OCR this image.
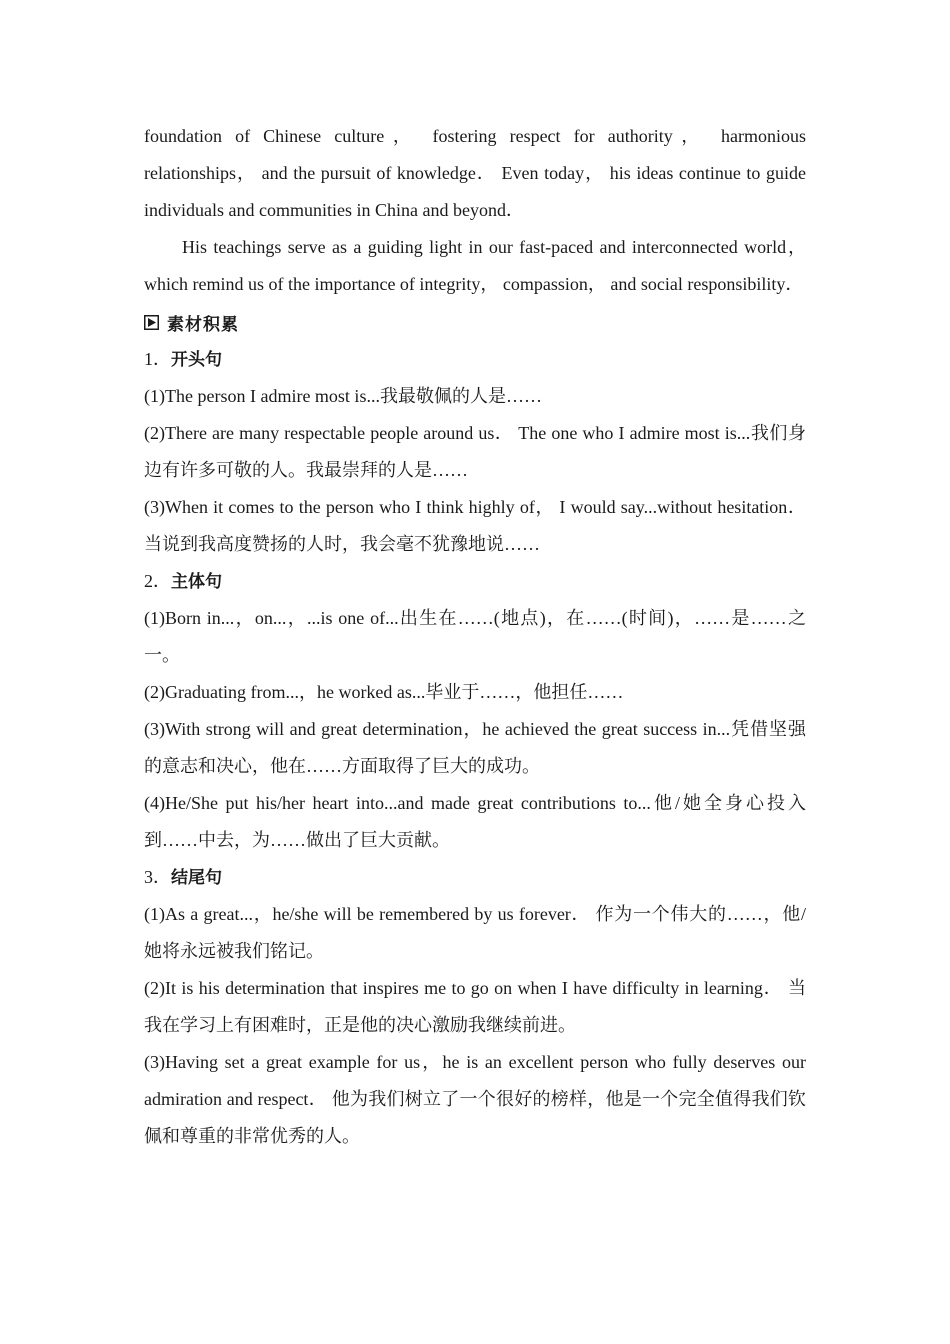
foundation of Chinese culture， fostering respect for authority， harmonious relationships， and the pursuit of knowledge． Even today， his ideas continue to guide individuals and communities in China and beyond．

His teachings serve as a guiding light in our fast-paced and interconnected world， which remind us of the importance of integrity， compassion， and social responsibility．

素材积累
1．开头句

(1)The person I admire most is...我最敬佩的人是……

(2)There are many respectable people around us． The one who I admire most is...我们身边有许多可敬的人。我最崇拜的人是……

(3)When it comes to the person who I think highly of， I would say...without hesitation． 当说到我高度赞扬的人时，我会毫不犹豫地说……

2．主体句

(1)Born in...，on...，...is one of...出生在……(地点)，在……(时间)，……是……之一。

(2)Graduating from...，he worked as...毕业于……，他担任……

(3)With strong will and great determination，he achieved the great success in...凭借坚强的意志和决心，他在……方面取得了巨大的成功。

(4)He/She put his/her heart into...and made great contributions to...他/她全身心投入到……中去，为……做出了巨大贡献。

3．结尾句

(1)As a great...，he/she will be remembered by us forever． 作为一个伟大的……，他/她将永远被我们铭记。

(2)It is his determination that inspires me to go on when I have difficulty in learning． 当我在学习上有困难时，正是他的决心激励我继续前进。

(3)Having set a great example for us，he is an excellent person who fully deserves our admiration and respect． 他为我们树立了一个很好的榜样，他是一个完全值得我们钦佩和尊重的非常优秀的人。
